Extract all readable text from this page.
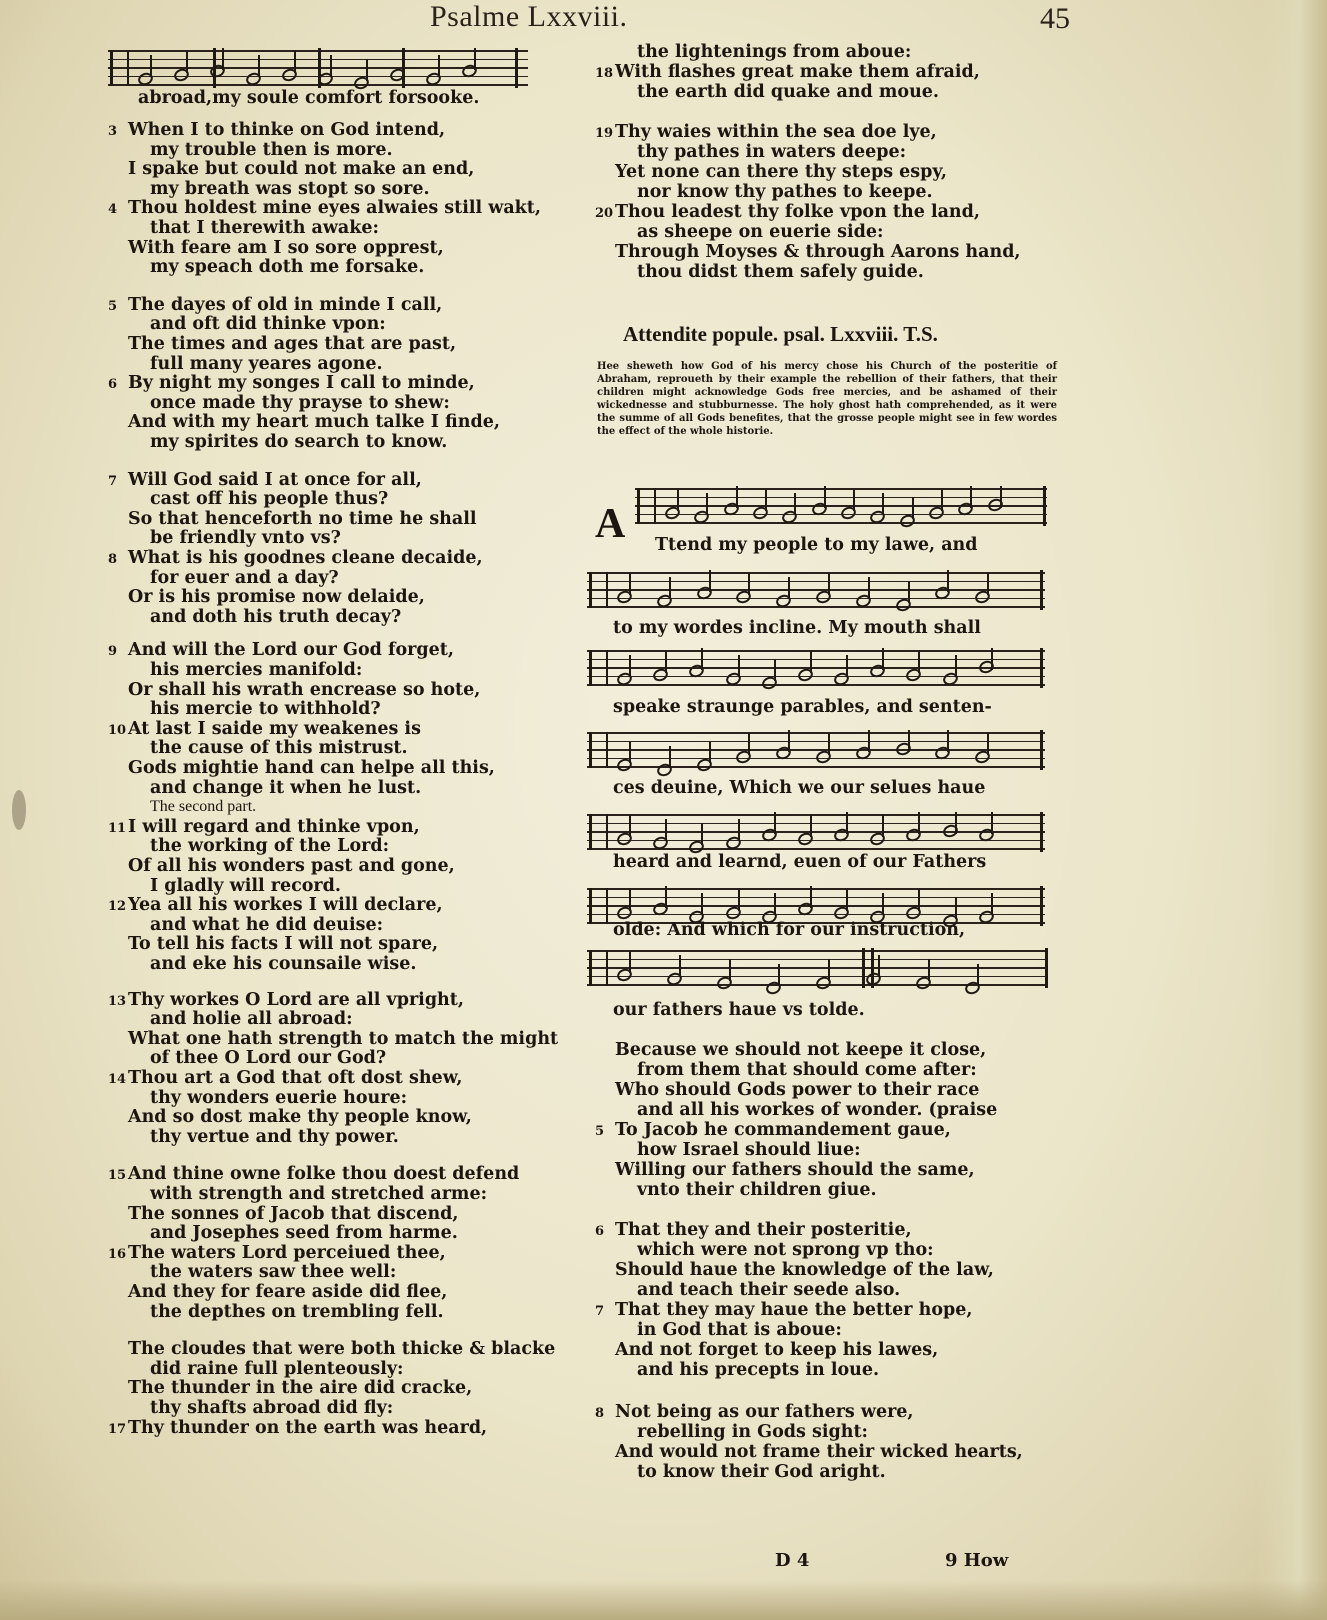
Psalme Lxxviii.	45
abroad,my soule comfort forsooke.
3 When I to thinke on God intend,
my trouble then is more.
I spake but could not make an end,
my breath was stopt so sore.
4 Thou holdest mine eyes alwaies still wakt,
that I therewith awake:
With feare am I so sore opprest,
my speach doth me forsake.
5 The dayes of old in minde I call,
and oft did thinke vpon:
The times and ages that are past,
full many yeares agone.
6 By night my songes I call to minde,
once made thy prayse to shew:
And with my heart much talke I finde,
my spirites do search to know.
7 Will God said I at once for all,
cast off his people thus?
So that henceforth no time he shall
be friendly vnto vs?
8 What is his goodnes cleane decaide,
for euer and a day?
Or is his promise now delaide,
and doth his truth decay?
9 And will the Lord our God forget,
his mercies manifold:
Or shall his wrath encrease so hote,
his mercie to withhold?
10 At last I saide my weakenes is
the cause of this mistrust.
Gods mightie hand can helpe all this,
and change it when he lust.
The second part.
11 I will regard and thinke vpon,
the working of the Lord:
Of all his wonders past and gone,
I gladly will record.
12 Yea all his workes I will declare,
and what he did deuise:
To tell his facts I will not spare,
and eke his counsaile wise.
13 Thy workes O Lord are all vpright,
and holie all abroad:
What one hath strength to match the might
of thee O Lord our God?
14 Thou art a God that oft dost shew,
thy wonders euerie houre:
And so dost make thy people know,
thy vertue and thy power.
15 And thine owne folke thou doest defend
with strength and stretched arme:
The sonnes of Jacob that discend,
and Josephes seed from harme.
16 The waters Lord perceiued thee,
the waters saw thee well:
And they for feare aside did flee,
the depthes on trembling fell.
The cloudes that were both thicke & blacke
did raine full plenteously:
The thunder in the aire did cracke,
thy shafts abroad did fly:
17 Thy thunder on the earth was heard,
the lightenings from aboue:
18 With flashes great make them afraid,
the earth did quake and moue.
19 Thy waies within the sea doe lye,
thy pathes in waters deepe:
Yet none can there thy steps espy,
nor know thy pathes to keepe.
20 Thou leadest thy folke vpon the land,
as sheepe on euerie side:
Through Moyses & through Aarons hand,
thou didst them safely guide.
Attendite popule. psal. Lxxviii. T.S.
Hee sheweth how God of his mercy chose his Church of the posteritie of Abraham, reproueth by their example the rebellion of their fathers, that their children might acknowledge Gods free mercies, and be ashamed of their wickednesse and stubburnesse. The holy ghost hath comprehended, as it were the summe of all Gods benefites, that the grosse people might see in few wordes the effect of the whole historie.
A Ttend my people to my lawe, and
to my wordes incline. My mouth shall
speake straunge parables, and senten-
ces deuine, Which we our selues haue
heard and learnd, euen of our Fathers
olde: And which for our instruction,
our fathers haue vs tolde.
Because we should not keepe it close,
from them that should come after:
Who should Gods power to their race
and all his workes of wonder. (praise
5 To Jacob he commandement gaue,
how Israel should liue:
Willing our fathers should the same,
vnto their children giue.
6 That they and their posteritie,
which were not sprong vp tho:
Should haue the knowledge of the law,
and teach their seede also.
7 That they may haue the better hope,
in God that is aboue:
And not forget to keep his lawes,
and his precepts in loue.
8 Not being as our fathers were,
rebelling in Gods sight:
And would not frame their wicked hearts,
to know their God aright.
D 4	9 How
